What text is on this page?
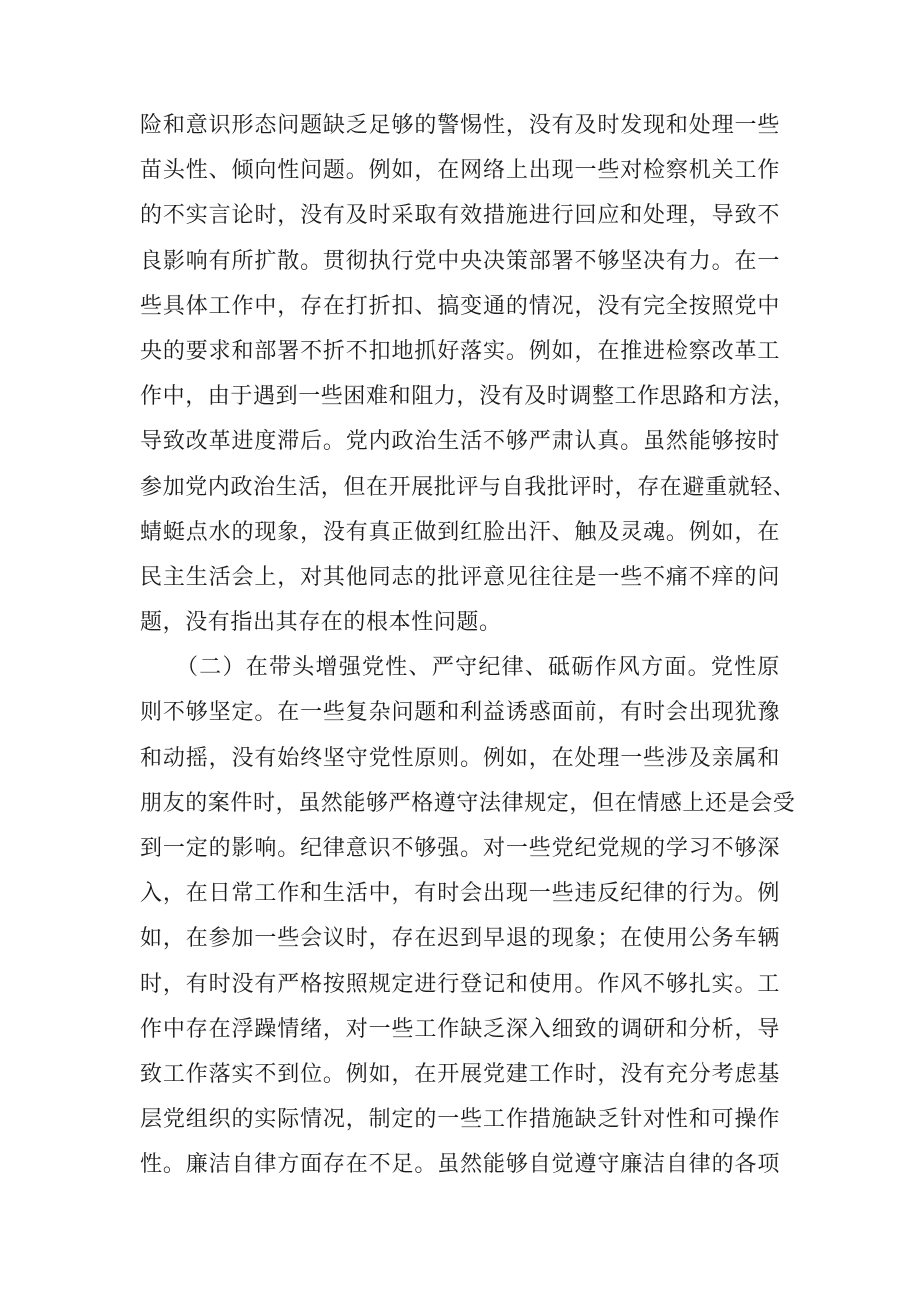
险和意识形态问题缺乏足够的警惕性，没有及时发现和处理一些
苗头性、倾向性问题。例如，在网络上出现一些对检察机关工作
的不实言论时，没有及时采取有效措施进行回应和处理，导致不
良影响有所扩散。贯彻执行党中央决策部署不够坚决有力。在一
些具体工作中，存在打折扣、搞变通的情况，没有完全按照党中
央的要求和部署不折不扣地抓好落实。例如，在推进检察改革工
作中，由于遇到一些困难和阻力，没有及时调整工作思路和方法，
导致改革进度滞后。党内政治生活不够严肃认真。虽然能够按时
参加党内政治生活，但在开展批评与自我批评时，存在避重就轻、
蜻蜓点水的现象，没有真正做到红脸出汗、触及灵魂。例如，在
民主生活会上，对其他同志的批评意见往往是一些不痛不痒的问
题，没有指出其存在的根本性问题。
（二）在带头增强党性、严守纪律、砥砺作风方面。党性原
则不够坚定。在一些复杂问题和利益诱惑面前，有时会出现犹豫
和动摇，没有始终坚守党性原则。例如，在处理一些涉及亲属和
朋友的案件时，虽然能够严格遵守法律规定，但在情感上还是会受
到一定的影响。纪律意识不够强。对一些党纪党规的学习不够深
入，在日常工作和生活中，有时会出现一些违反纪律的行为。例
如，在参加一些会议时，存在迟到早退的现象；在使用公务车辆
时，有时没有严格按照规定进行登记和使用。作风不够扎实。工
作中存在浮躁情绪，对一些工作缺乏深入细致的调研和分析，导
致工作落实不到位。例如，在开展党建工作时，没有充分考虑基
层党组织的实际情况，制定的一些工作措施缺乏针对性和可操作
性。廉洁自律方面存在不足。虽然能够自觉遵守廉洁自律的各项
